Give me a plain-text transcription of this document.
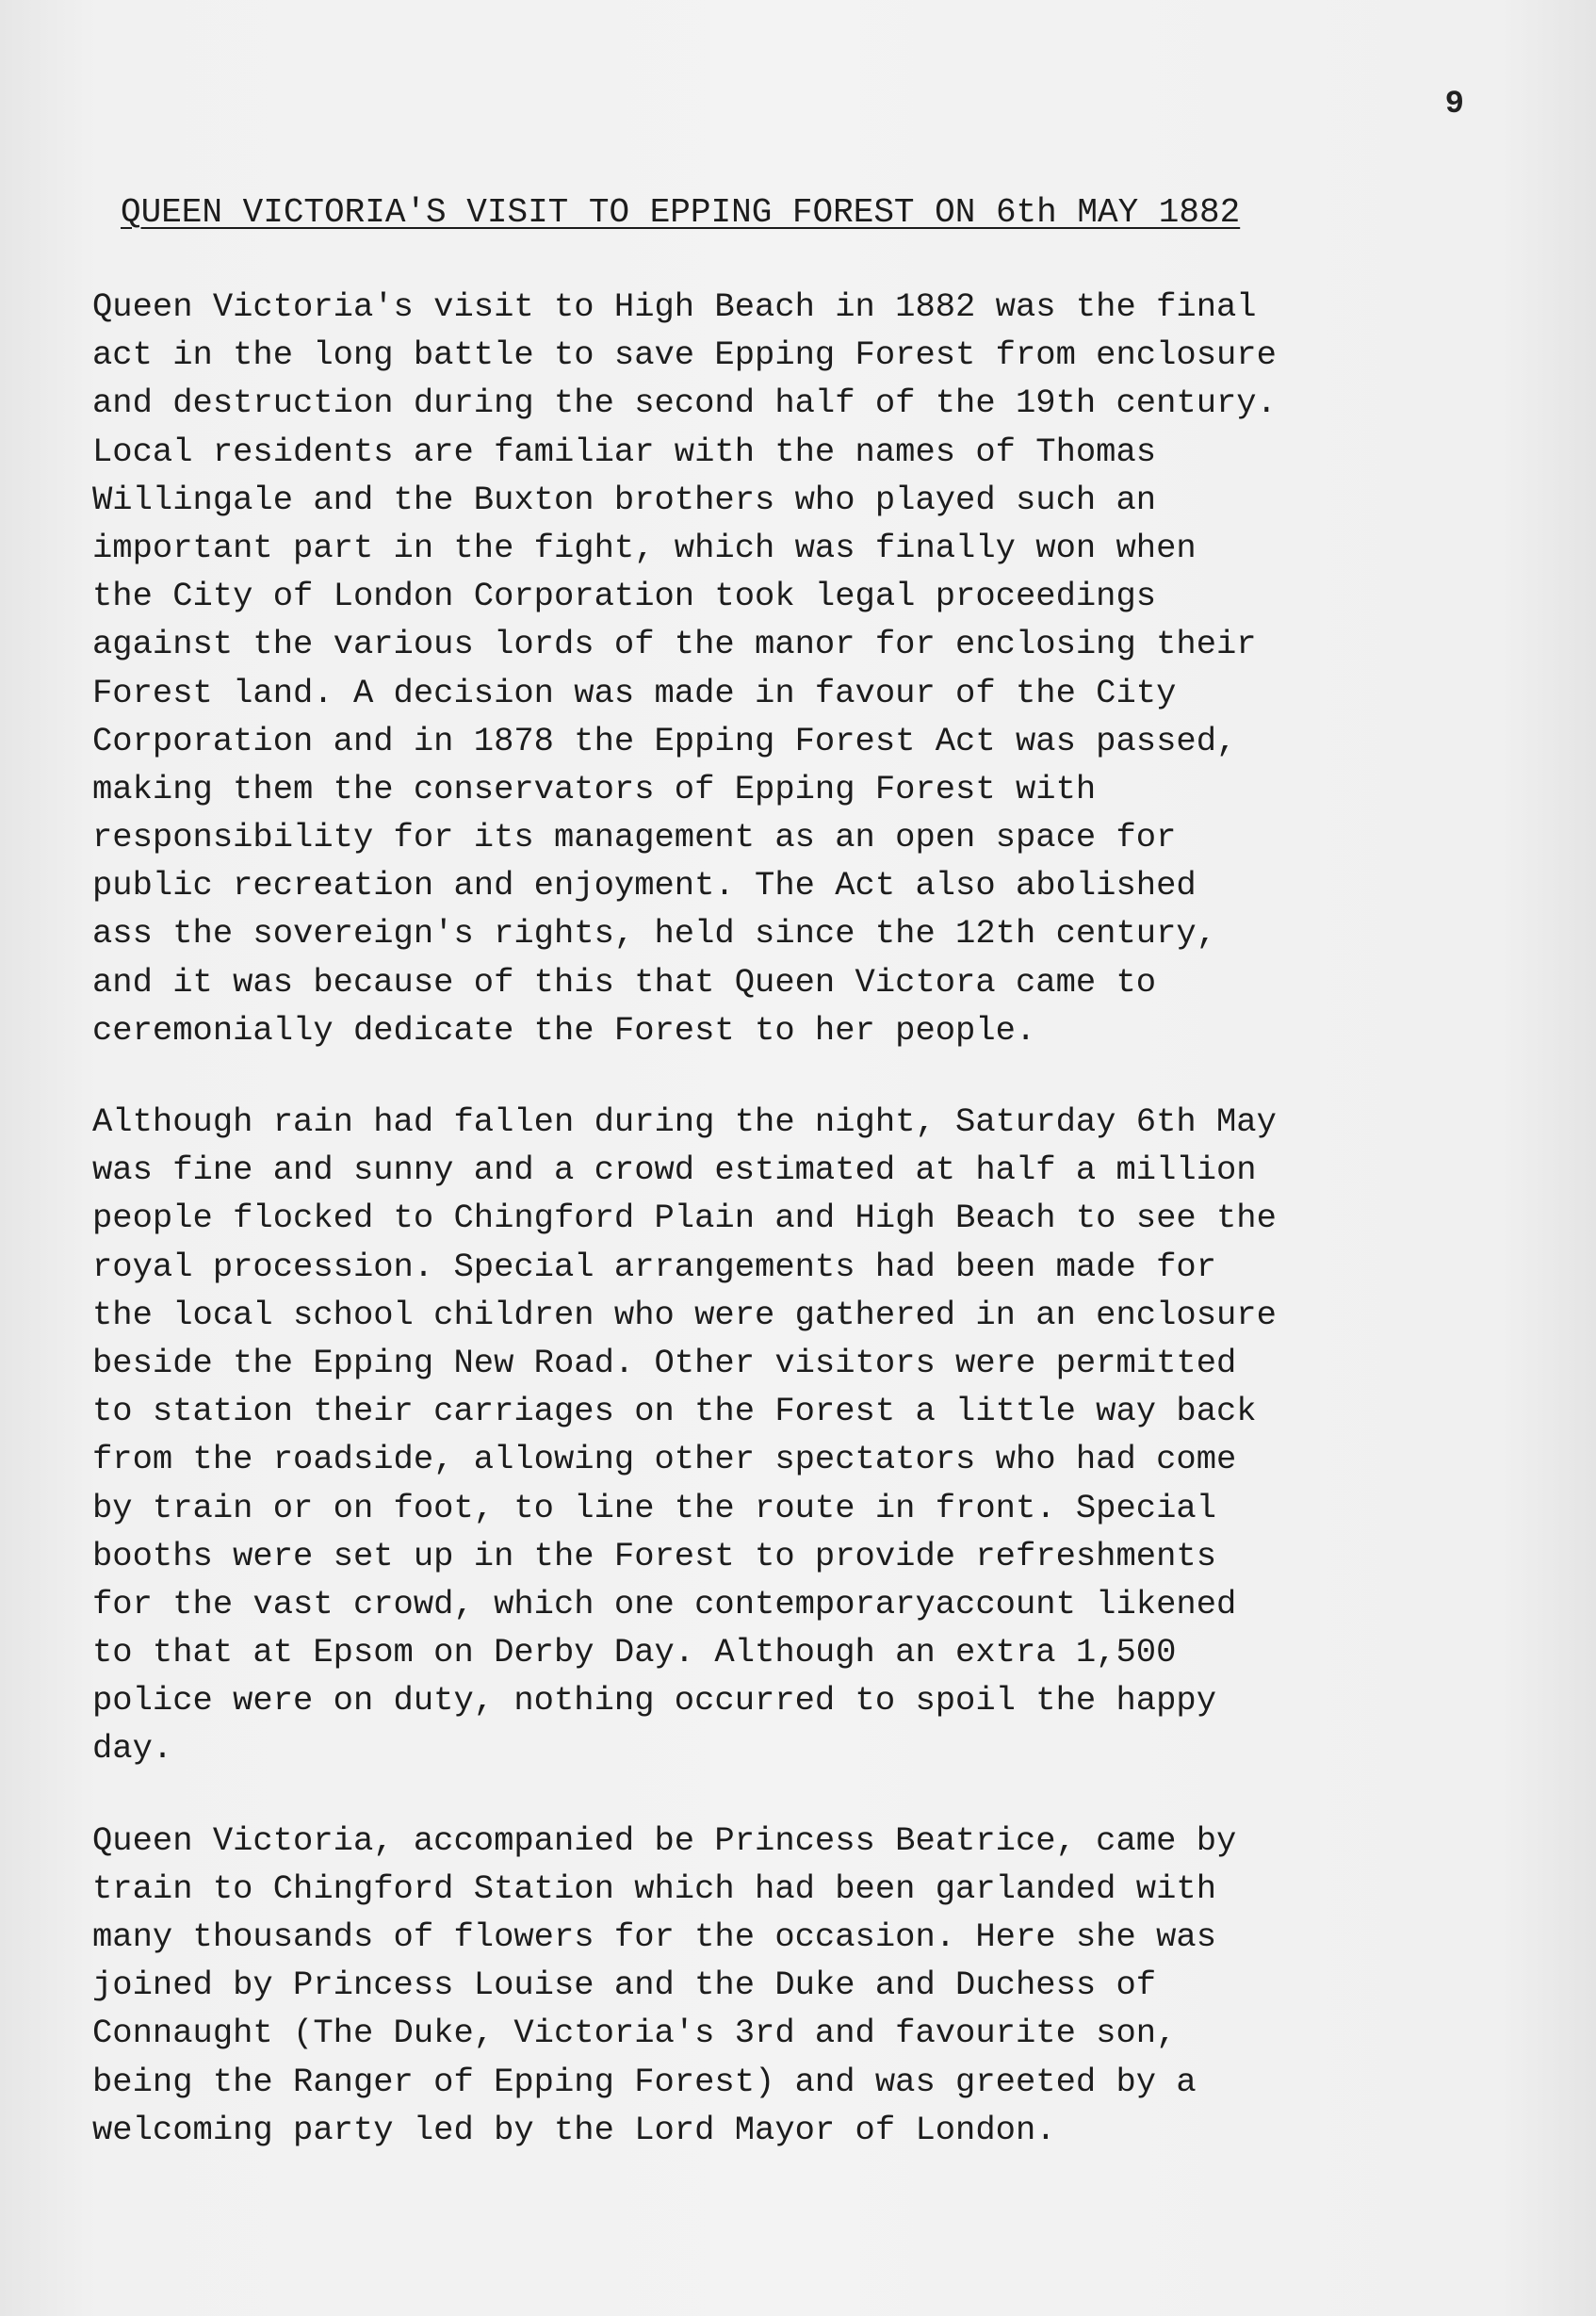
9
QUEEN VICTORIA'S VISIT TO EPPING FOREST ON 6th MAY 1882

Queen Victoria's visit to High Beach in 1882 was the final
act in the long battle to save Epping Forest from enclosure
and destruction during the second half of the 19th century.
Local residents are familiar with the names of Thomas
Willingale and the Buxton brothers who played such an
important part in the fight, which was finally won when
the City of London Corporation took legal proceedings
against the various lords of the manor for enclosing their
Forest land. A decision was made in favour of the City
Corporation and in 1878 the Epping Forest Act was passed,
making them the conservators of Epping Forest with
responsibility for its management as an open space for
public recreation and enjoyment. The Act also abolished
ass the sovereign's rights, held since the 12th century,
and it was because of this that Queen Victora came to
ceremonially dedicate the Forest to her people.

Although rain had fallen during the night, Saturday 6th May
was fine and sunny and a crowd estimated at half a million
people flocked to Chingford Plain and High Beach to see the
royal procession. Special arrangements had been made for
the local school children who were gathered in an enclosure
beside the Epping New Road. Other visitors were permitted
to station their carriages on the Forest a little way back
from the roadside, allowing other spectators who had come
by train or on foot, to line the route in front. Special
booths were set up in the Forest to provide refreshments
for the vast crowd, which one contemporaryaccount likened
to that at Epsom on Derby Day. Although an extra 1,500
police were on duty, nothing occurred to spoil the happy
day.

Queen Victoria, accompanied be Princess Beatrice, came by
train to Chingford Station which had been garlanded with
many thousands of flowers for the occasion. Here she was
joined by Princess Louise and the Duke and Duchess of
Connaught (The Duke, Victoria's 3rd and favourite son,
being the Ranger of Epping Forest) and was greeted by a
welcoming party led by the Lord Mayor of London.
